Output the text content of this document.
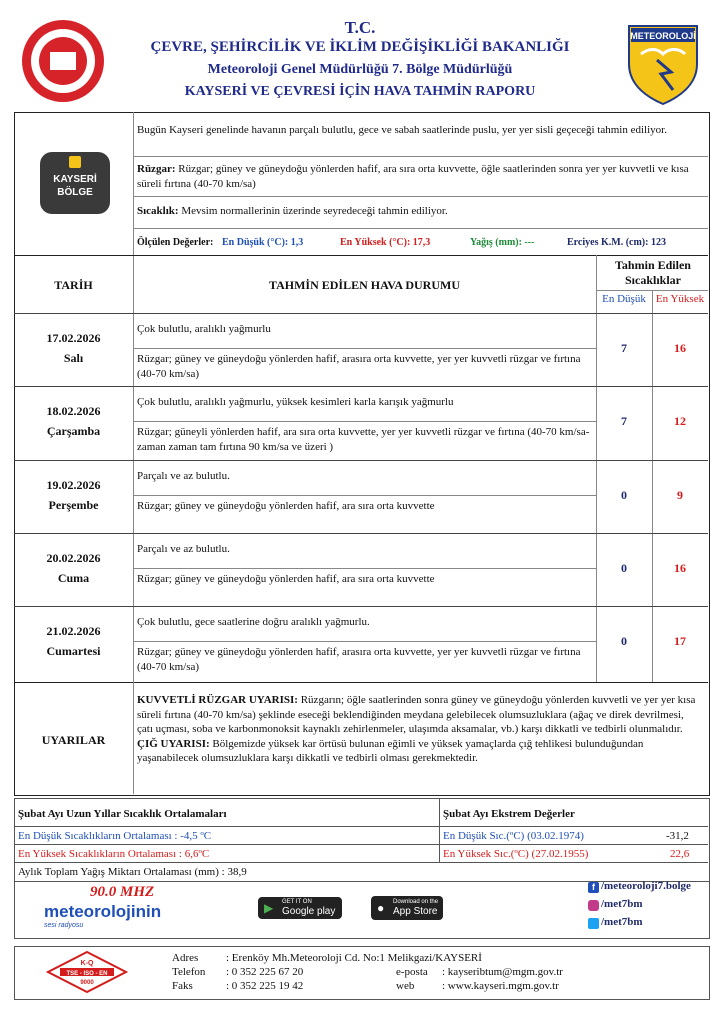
T.C.
ÇEVRE, ŞEHİRCİLİK VE İKLİM DEĞİŞİKLİĞİ BAKANLIĞI
Meteoroloji Genel Müdürlüğü 7. Bölge Müdürlüğü
KAYSERİ VE ÇEVRESİ İÇİN HAVA TAHMİN RAPORU
METEOROLOJİ
KAYSERİ
BÖLGE
Bugün Kayseri genelinde havanın parçalı bulutlu, gece ve sabah saatlerinde puslu, yer yer sisli geçeceği tahmin ediliyor.
Rüzgar: Rüzgar; güney ve güneydoğu yönlerden hafif, ara sıra orta kuvvette, öğle saatlerinden sonra yer yer kuvvetli ve kısa süreli fırtına (40-70 km/sa)
Sıcaklık: Mevsim normallerinin üzerinde seyredeceği tahmin ediliyor.
Ölçülen Değerler: En Düşük (°C): 1,3	En Yüksek (°C): 17,3	Yağış (mm): ---	Erciyes K.M. (cm): 123
TARİH	TAHMİN EDİLEN HAVA DURUMU
Tahmin Edilen Sıcaklıklar
En Düşük En Yüksek
17.02.2026
Salı
Çok bulutlu, aralıklı yağmurlu
Rüzgar; güney ve güneydoğu yönlerden hafif, arasıra orta kuvvette, yer yer kuvvetli rüzgar ve fırtına (40-70 km/sa)
7	16
18.02.2026
Çarşamba
Çok bulutlu, aralıklı yağmurlu, yüksek kesimleri karla karışık yağmurlu
Rüzgar; güneyli yönlerden hafif, ara sıra orta kuvvette, yer yer kuvvetli rüzgar ve fırtına (40-70 km/sa-zaman zaman tam fırtına 90 km/sa ve üzeri )
7	12
19.02.2026
Perşembe
Parçalı ve az bulutlu.
Rüzgar; güney ve güneydoğu yönlerden hafif, ara sıra orta kuvvette
0	9
20.02.2026
Cuma
Parçalı ve az bulutlu.
Rüzgar; güney ve güneydoğu yönlerden hafif, ara sıra orta kuvvette
0	16
21.02.2026
Cumartesi
Çok bulutlu, gece saatlerine doğru aralıklı yağmurlu.
Rüzgar; güney ve güneydoğu yönlerden hafif, arasıra orta kuvvette, yer yer kuvvetli rüzgar ve fırtına (40-70 km/sa)
0	17
UYARILAR
KUVVETLİ RÜZGAR UYARISI: Rüzgarın; öğle saatlerinden sonra güney ve güneydoğu yönlerden kuvvetli ve yer yer kısa süreli fırtına (40-70 km/sa) şeklinde eseceği beklendiğinden meydana gelebilecek olumsuzluklara (ağaç ve direk devrilmesi, çatı uçması, soba ve karbonmonoksit kaynaklı zehirlenmeler, ulaşımda aksamalar, vb.) karşı dikkatli ve tedbirli olunmalıdır.
ÇIĞ UYARISI: Bölgemizde yüksek kar örtüsü bulunan eğimli ve yüksek yamaçlarda çığ tehlikesi bulunduğundan yaşanabilecek olumsuzluklara karşı dikkatli ve tedbirli olması gerekmektedir.
Şubat Ayı Uzun Yıllar Sıcaklık Ortalamaları
En Düşük Sıcaklıkların Ortalaması : -4,5 ºC
En Yüksek Sıcaklıkların Ortalaması : 6,6ºC
Aylık Toplam Yağış Miktarı Ortalaması (mm) : 38,9
Şubat Ayı Ekstrem Değerler
En Düşük Sıc.(ºC) (03.02.1974)	-31,2
En Yüksek Sıc.(ºC) (27.02.1955)	22,6
90.0 MHZ
meteorolojinin
sesi radyosu
▶ GET IT ON
Google play	● Download on the
App Store
f /meteoroloji7.bolge
/met7bm
/met7bm
K-Q
TSE - ISO - EN
9000
Adres	: Erenköy Mh.Meteoroloji Cd. No:1 Melikgazi/KAYSERİ
Telefon : 0 352 225 67 20
Faks	: 0 352 225 19 42
e-posta : kayseribtum@mgm.gov.tr
web	: www.kayseri.mgm.gov.tr
